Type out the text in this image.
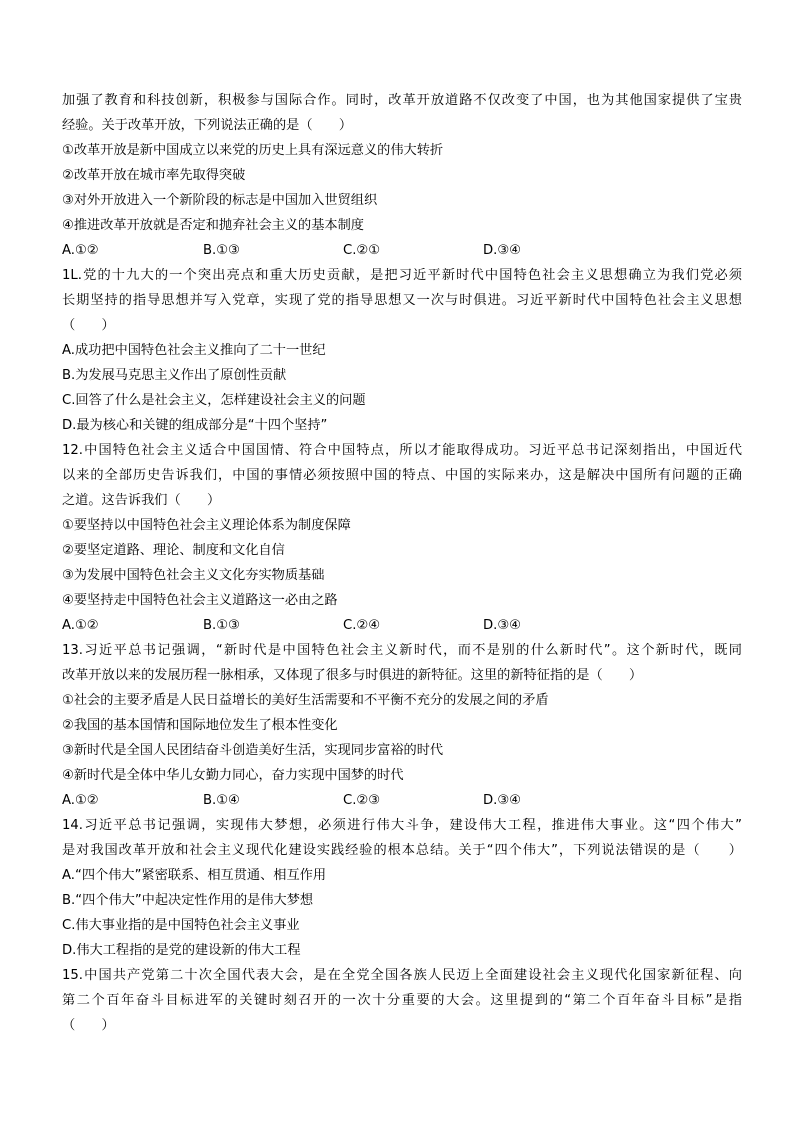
加强了教育和科技创新，积极参与国际合作。同时，改革开放道路不仅改变了中国，也为其他国家提供了宝贵
经验。关于改革开放，下列说法正确的是（　　）
①改革开放是新中国成立以来党的历史上具有深远意义的伟大转折
②改革开放在城市率先取得突破
③对外开放进入一个新阶段的标志是中国加入世贸组织
④推进改革开放就是否定和抛弃社会主义的基本制度
A.①②	B.①③	C.②①	D.③④
1L.党的十九大的一个突出亮点和重大历史贡献，是把习近平新时代中国特色社会主义思想确立为我们党必须
长期坚持的指导思想并写入党章，实现了党的指导思想又一次与时俱进。习近平新时代中国特色社会主义思想
（　　）
A.成功把中国特色社会主义推向了二十一世纪
B.为发展马克思主义作出了原创性贡献
C.回答了什么是社会主义，怎样建设社会主义的问题
D.最为核心和关键的组成部分是“十四个坚持”
12.中国特色社会主义适合中国国情、符合中国特点，所以才能取得成功。习近平总书记深刻指出，中国近代
以来的全部历史告诉我们，中国的事情必须按照中国的特点、中国的实际来办，这是解决中国所有问题的正确
之道。这告诉我们（　　）
①要坚持以中国特色社会主义理论体系为制度保障
②要坚定道路、理论、制度和文化自信
③为发展中国特色社会主义文化夯实物质基础
④要坚持走中国特色社会主义道路这一必由之路
A.①②	B.①③	C.②④	D.③④
13.习近平总书记强调，“新时代是中国特色社会主义新时代，而不是别的什么新时代”。这个新时代，既同
改革开放以来的发展历程一脉相承，又体现了很多与时俱进的新特征。这里的新特征指的是（　　）
①社会的主要矛盾是人民日益增长的美好生活需要和不平衡不充分的发展之间的矛盾
②我国的基本国情和国际地位发生了根本性变化
③新时代是全国人民团结奋斗创造美好生活，实现同步富裕的时代
④新时代是全体中华儿女勤力同心，奋力实现中国梦的时代
A.①②	B.①④	C.②③	D.③④
14.习近平总书记强调，实现伟大梦想，必须进行伟大斗争，建设伟大工程，推进伟大事业。这“四个伟大”
是对我国改革开放和社会主义现代化建设实践经验的根本总结。关于“四个伟大”，下列说法错误的是（　　）
A.“四个伟大”紧密联系、相互贯通、相互作用
B.“四个伟大”中起决定性作用的是伟大梦想
C.伟大事业指的是中国特色社会主义事业
D.伟大工程指的是党的建设新的伟大工程
15.中国共产党第二十次全国代表大会，是在全党全国各族人民迈上全面建设社会主义现代化国家新征程、向
第二个百年奋斗目标进军的关键时刻召开的一次十分重要的大会。这里提到的“第二个百年奋斗目标”是指
（　　）
